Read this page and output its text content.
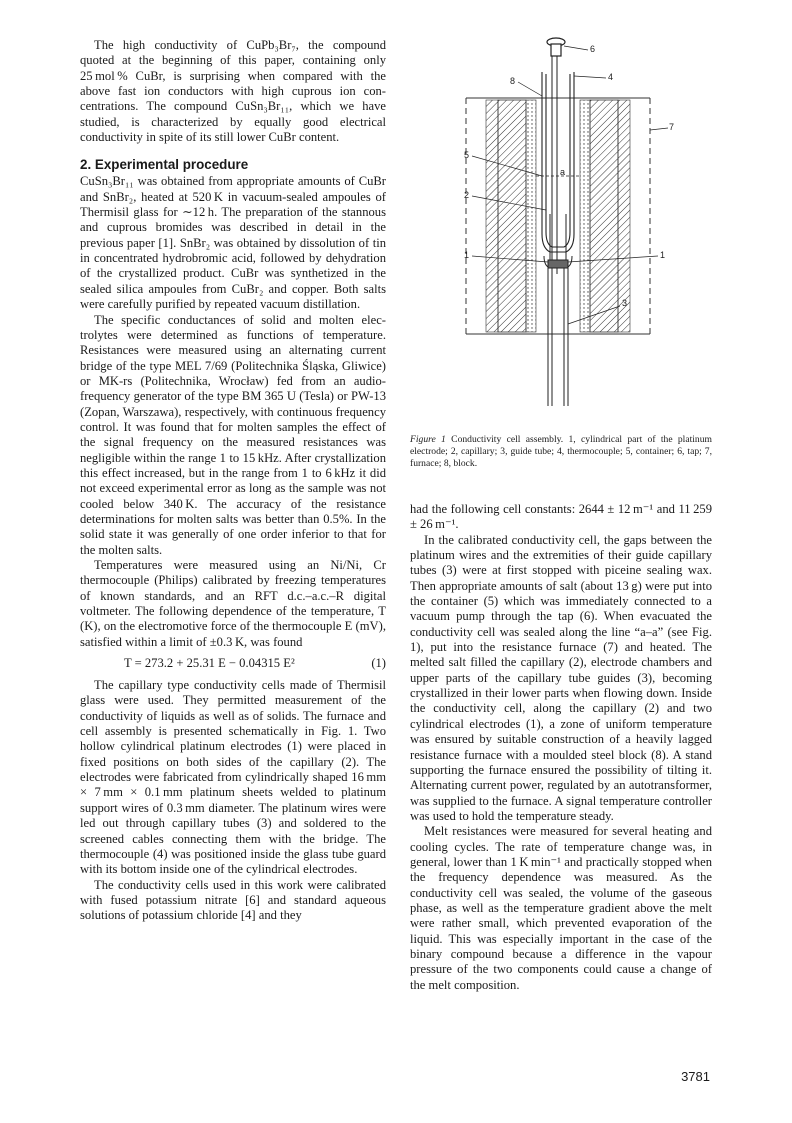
The high conductivity of CuPb₃Br₇, the compound quoted at the beginning of this paper, containing only 25 mol % CuBr, is surprising when compared with the above fast ion conductors with high cuprous ion concentrations. The compound CuSn₃Br₁₁, which we have studied, is characterized by equally good electrical conductivity in spite of its still lower CuBr content.

2. Experimental procedure

CuSn₃Br₁₁ was obtained from appropriate amounts of CuBr and SnBr₂, heated at 520 K in vacuum-sealed ampoules of Thermisil glass for ∼12 h. The preparation of the stannous and cuprous bromides was described in detail in the previous paper [1]. SnBr₂ was obtained by dissolution of tin in concentrated hydrobromic acid, followed by dehydration of the crystallized product. CuBr was synthetized in the sealed silica ampoules from CuBr₂ and copper. Both salts were carefully purified by repeated vacuum distillation.

The specific conductances of solid and molten electrolytes were determined as functions of temperature. Resistances were measured using an alternating current bridge of the type MEL 7/69 (Politechnika Śląska, Gliwice) or MK-rs (Politechnika, Wrocław) fed from an audio-frequency generator of the type BM 365 U (Tesla) or PW-13 (Zopan, Warszawa), respectively, with continuous frequency control. It was found that for molten samples the effect of the signal frequency on the measured resistances was negligible within the range 1 to 15 kHz. After crystallization this effect increased, but in the range from 1 to 6 kHz it did not exceed experimental error as long as the sample was not cooled below 340 K. The accuracy of the resistance determinations for molten salts was better than 0.5%. In the solid state it was generally of one order inferior to that for the molten salts.

Temperatures were measured using an Ni/Ni, Cr thermocouple (Philips) calibrated by freezing temperatures of known standards, and an RFT d.c.–a.c.–R digital voltmeter. The following dependence of the temperature, T (K), on the electromotive force of the thermocouple E (mV), satisfied within a limit of ±0.3 K, was found

T = 273.2 + 25.31 E − 0.04315 E²	(1)

The capillary type conductivity cells made of Thermisil glass were used. They permitted measurement of the conductivity of liquids as well as of solids. The furnace and cell assembly is presented schematically in Fig. 1. Two hollow cylindrical platinum electrodes (1) were placed in fixed positions on both sides of the capillary (2). The electrodes were fabricated from cylindrically shaped 16 mm × 7 mm × 0.1 mm platinum sheets welded to platinum support wires of 0.3 mm diameter. The platinum wires were led out through capillary tubes (3) and soldered to the screened cables connecting them with the bridge. The thermocouple (4) was positioned inside the glass tube guard with its bottom inside one of the cylindrical electrodes.

The conductivity cells used in this work were calibrated with fused potassium nitrate [6] and standard aqueous solutions of potassium chloride [4] and they

6
8	4
7
5
a
2
1	1
3
Figure 1 Conductivity cell assembly. 1, cylindrical part of the platinum electrode; 2, capillary; 3, guide tube; 4, thermocouple; 5, container; 6, tap; 7, furnace; 8, block.

had the following cell constants: 2644 ± 12 m⁻¹ and 11 259 ± 26 m⁻¹.

In the calibrated conductivity cell, the gaps between the platinum wires and the extremities of their guide capillary tubes (3) were at first stopped with piceine sealing wax. Then appropriate amounts of salt (about 13 g) were put into the container (5) which was immediately connected to a vacuum pump through the tap (6). When evacuated the conductivity cell was sealed along the line “a–a” (see Fig. 1), put into the resistance furnace (7) and heated. The melted salt filled the capillary (2), electrode chambers and upper parts of the capillary tube guides (3), becoming crystallized in their lower parts when flowing down. Inside the conductivity cell, along the capillary (2) and two cylindrical electrodes (1), a zone of uniform temperature was ensured by suitable construction of a heavily lagged resistance furnace with a moulded steel block (8). A stand supporting the furnace ensured the possibility of tilting it. Alternating current power, regulated by an autotransformer, was supplied to the furnace. A signal temperature controller was used to hold the temperature steady.

Melt resistances were measured for several heating and cooling cycles. The rate of temperature change was, in general, lower than 1 K min⁻¹ and practically stopped when the frequency dependence was measured. As the conductivity cell was sealed, the volume of the gaseous phase, as well as the temperature gradient above the melt were rather small, which prevented evaporation of the liquid. This was especially important in the case of the binary compound because a difference in the vapour pressure of the two components could cause a change of the melt composition.

3781
